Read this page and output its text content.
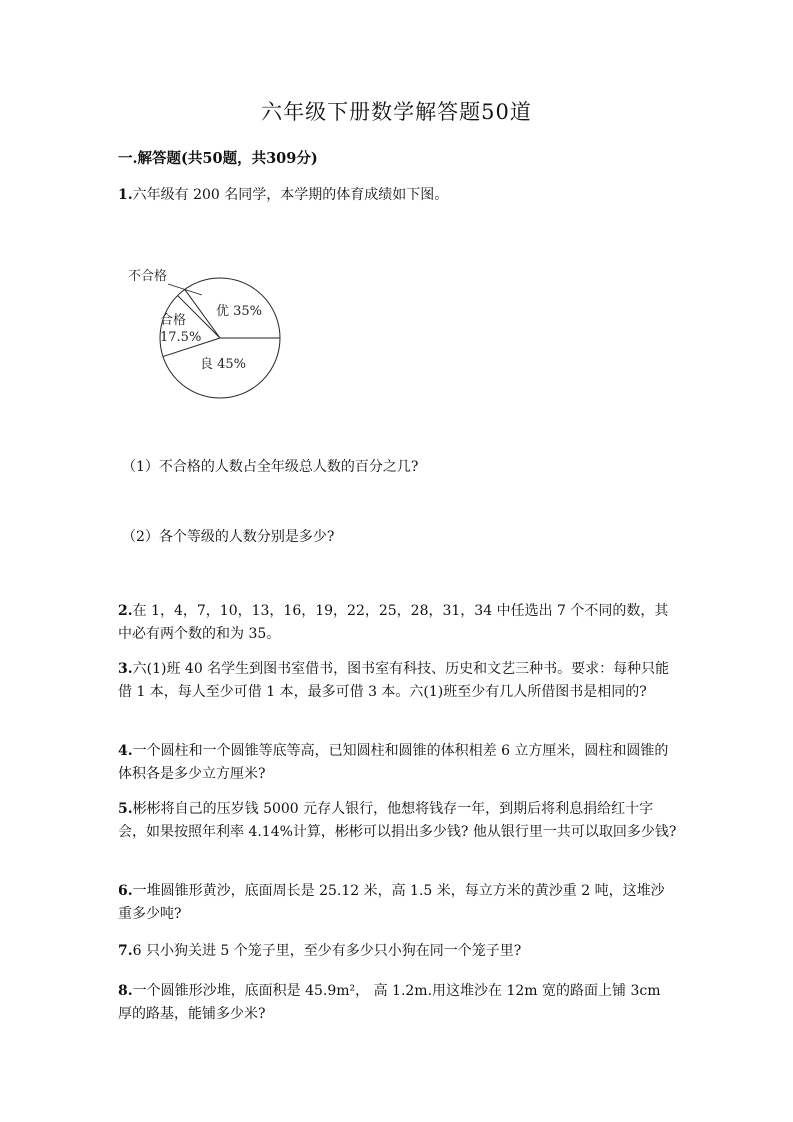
六年级下册数学解答题50道
一.解答题(共50题，共309分)
1.六年级有 200 名同学，本学期的体育成绩如下图。
不合格
合格
17.5%
优 35%
良 45%
（1）不合格的人数占全年级总人数的百分之几?
（2）各个等级的人数分别是多少?
2.在 1，4，7，10，13，16，19，22，25，28，31，34 中任选出 7 个不同的数，其中必有两个数的和为 35。
3.六(1)班 40 名学生到图书室借书，图书室有科技、历史和文艺三种书。要求：每种只能借 1 本，每人至少可借 1 本，最多可借 3 本。六(1)班至少有几人所借图书是相同的?
4.一个圆柱和一个圆锥等底等高，已知圆柱和圆锥的体积相差 6 立方厘米，圆柱和圆锥的体积各是多少立方厘米?
5.彬彬将自己的压岁钱 5000 元存人银行，他想将钱存一年，到期后将利息捐给红十字会，如果按照年利率 4.14%计算，彬彬可以捐出多少钱? 他从银行里一共可以取回多少钱?
6.一堆圆锥形黄沙，底面周长是 25.12 米，高 1.5 米，每立方米的黄沙重 2 吨，这堆沙重多少吨?
7.6 只小狗关进 5 个笼子里，至少有多少只小狗在同一个笼子里?
8.一个圆锥形沙堆，底面积是 45.9m²， 高 1.2m.用这堆沙在 12m 宽的路面上铺 3cm 厚的路基，能铺多少米?
